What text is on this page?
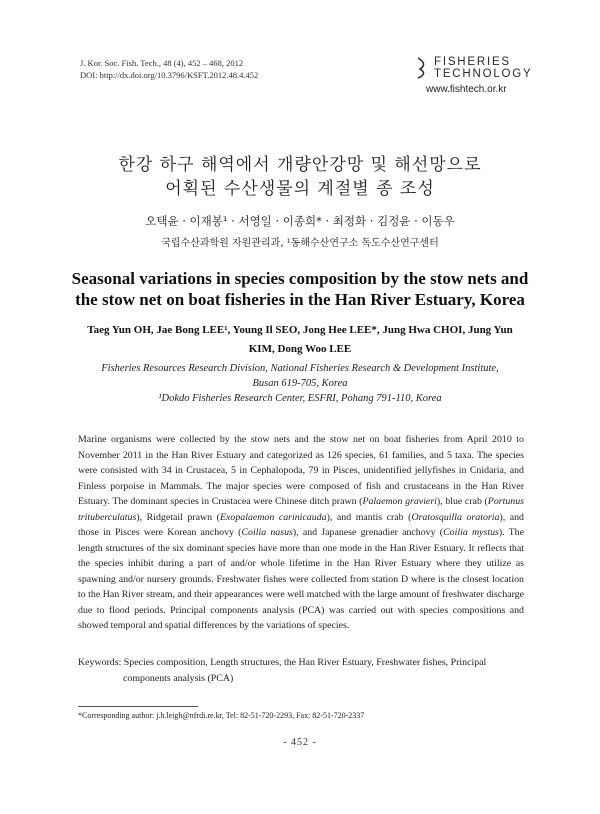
J. Kor. Soc. Fish. Tech., 48 (4), 452 – 468, 2012
DOI: http://dx.doi.org/10.3796/KSFT.2012.48.4.452
FISHERIES
TECHNOLOGY
www.fishtech.or.kr
한강 하구 해역에서 개량안강망 및 해선망으로
어획된 수산생물의 계절별 종 조성
오택윤 · 이재봉¹ · 서영일 · 이종희* · 최정화 · 김정윤 · 이동우
국립수산과학원 자원관리과, ¹동해수산연구소 독도수산연구센터
Seasonal variations in species composition by the stow nets and
the stow net on boat fisheries in the Han River Estuary, Korea
Taeg Yun OH, Jae Bong LEE¹, Young Il SEO, Jong Hee LEE*, Jung Hwa CHOI, Jung Yun
KIM, Dong Woo LEE
Fisheries Resources Research Division, National Fisheries Research & Development Institute,
Busan 619-705, Korea
¹Dokdo Fisheries Research Center, ESFRI, Pohang 791-110, Korea
Marine organisms were collected by the stow nets and the stow net on boat fisheries from April 2010 to November 2011 in the Han River Estuary and categorized as 126 species, 61 families, and 5 taxa. The species were consisted with 34 in Crustacea, 5 in Cephalopoda, 79 in Pisces, unidentified jellyfishes in Cnidaria, and Finless porpoise in Mammals. The major species were composed of fish and crustaceans in the Han River Estuary. The dominant species in Crustacea were Chinese ditch prawn (Palaemon gravieri), blue crab (Portunus trituberculatus), Ridgetail prawn (Exopalaemon carinicauda), and mantis crab (Oratosquilla oratoria), and those in Pisces were Korean anchovy (Coilia nasus), and Japanese grenadier anchovy (Coilia mystus). The length structures of the six dominant species have more than one mode in the Han River Estuary. It reflects that the species inhibit during a part of and/or whole lifetime in the Han River Estuary where they utilize as spawning and/or nursery grounds. Freshwater fishes were collected from station D where is the closest location to the Han River stream, and their appearances were well matched with the large amount of freshwater discharge due to flood periods. Principal components analysis (PCA) was carried out with species compositions and showed temporal and spatial differences by the variations of species.
Keywords: Species composition, Length structures, the Han River Estuary, Freshwater fishes, Principal
components analysis (PCA)
*Corresponding author: j.h.leigh@nfrdi.re.kr, Tel: 82-51-720-2293, Fax: 82-51-720-2337
- 452 -
